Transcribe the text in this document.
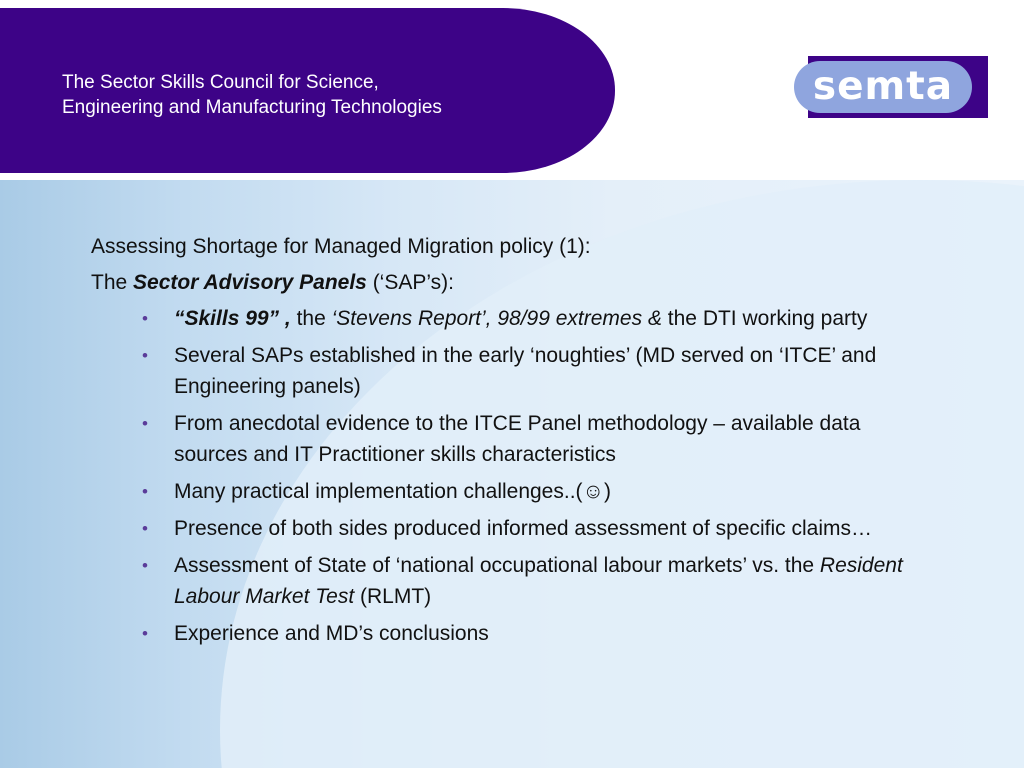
The Sector Skills Council for Science,
Engineering and Manufacturing Technologies	semta

Assessing Shortage for Managed Migration policy (1):

The Sector Advisory Panels (‘SAP’s):

• “Skills 99” , the ‘Stevens Report’, 98/99 extremes & the DTI working party
• Several SAPs established in the early ‘noughties’ (MD served on ‘ITCE’ and Engineering panels)
• From anecdotal evidence to the ITCE Panel methodology – available data sources and IT Practitioner skills characteristics
• Many practical implementation challenges..(☺)
• Presence of both sides produced informed assessment of specific claims…
• Assessment of State of ‘national occupational labour markets’ vs. the Resident Labour Market Test (RLMT)
• Experience and MD’s conclusions
